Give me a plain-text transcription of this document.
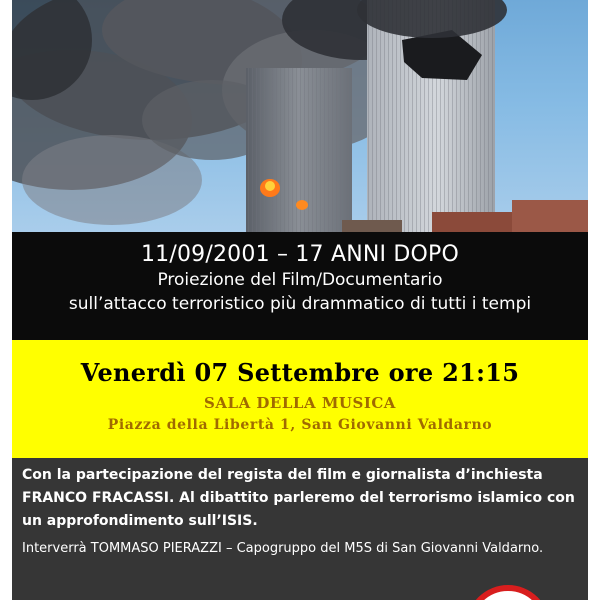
11/09/2001 – 17 ANNI DOPO
Proiezione del Film/Documentario
sull’attacco terroristico più drammatico di tutti i tempi
Venerdì 07 Settembre ore 21:15
SALA DELLA MUSICA
Piazza della Libertà 1, San Giovanni Valdarno
Con la partecipazione del regista del film e giornalista d’inchiesta FRANCO FRACASSI. Al dibattito parleremo del terrorismo islamico con un approfondimento sull’ISIS.
Interverrà TOMMASO PIERAZZI – Capogruppo del M5S di San Giovanni Valdarno.
